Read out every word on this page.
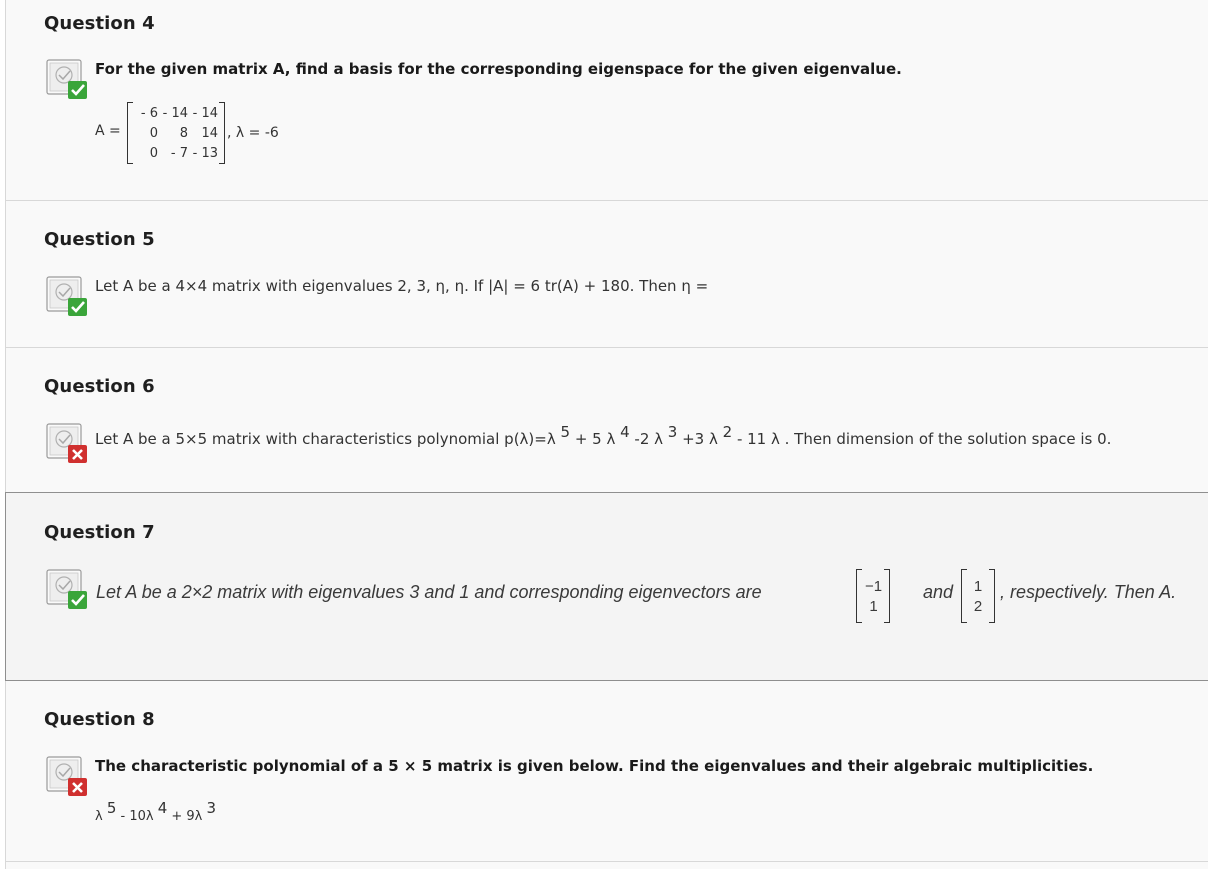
Question 4
For the given matrix A, find a basis for the corresponding eigenspace for the given eigenvalue.
A =
- 6 - 14 - 14
0 8 14
0 - 7 - 13
, λ = -6
Question 5
Let A be a 4×4 matrix with eigenvalues 2, 3, η, η. If |A| = 6 tr(A) + 180. Then η =
Question 6
Let A be a 5×5 matrix with characteristics polynomial p(λ)=λ 5 + 5 λ 4 -2 λ 3 +3 λ 2 - 11 λ . Then dimension of the solution space is 0.
Question 7
Let A be a 2×2 matrix with eigenvalues 3 and 1 and corresponding eigenvectors are	−1
1
and 1
2
, respectively. Then A.
Question 8
The characteristic polynomial of a 5 × 5 matrix is given below. Find the eigenvalues and their algebraic multiplicities.
λ 5 - 10λ 4 + 9λ 3
